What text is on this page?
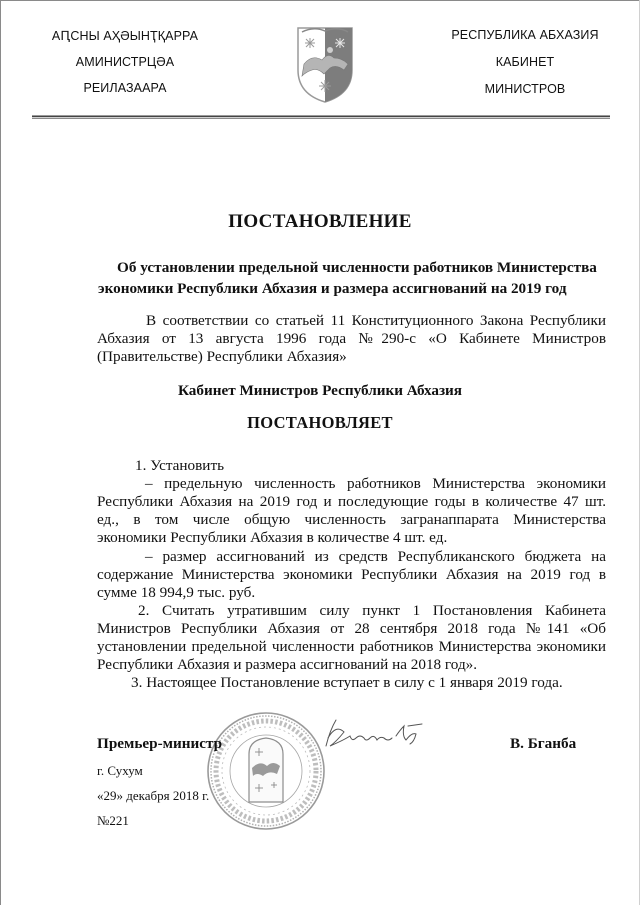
АԤСНЫ АҲӘЫНҬҚАРРА
АМИНИСТРЦӘА
РЕИЛАЗААРА
РЕСПУБЛИКА АБХАЗИЯ
КАБИНЕТ
МИНИСТРОВ
ПОСТАНОВЛЕНИЕ
Об установлении предельной численности работников Министерства
экономики Республики Абхазия и размера ассигнований на 2019 год
В соответствии со статьей 11 Конституционного Закона Республики
Абхазия от 13 августа 1996 года №290-с «О Кабинете Министров
(Правительстве) Республики Абхазия»
Кабинет Министров Республики Абхазия
ПОСТАНОВЛЯЕТ
1. Установить
– предельную численность работников Министерства экономики
Республики Абхазия на 2019 год и последующие годы в количестве 47 шт.
ед., в том числе общую численность загранаппарата Министерства
экономики Республики Абхазия в количестве 4 шт. ед.
– размер ассигнований из средств Республиканского бюджета на
содержание Министерства экономики Республики Абхазия на 2019 год в
сумме 18 994,9 тыс. руб.
2. Считать утратившим силу пункт 1 Постановления Кабинета
Министров Республики Абхазия от 28 сентября 2018 года №141 «Об
установлении предельной численности работников Министерства экономики
Республики Абхазия и размера ассигнований на 2018 год».
3. Настоящее Постановление вступает в силу с 1 января 2019 года.
Премьер-министр	В. Бганба
г. Сухум
«29» декабря 2018 г.
№221
